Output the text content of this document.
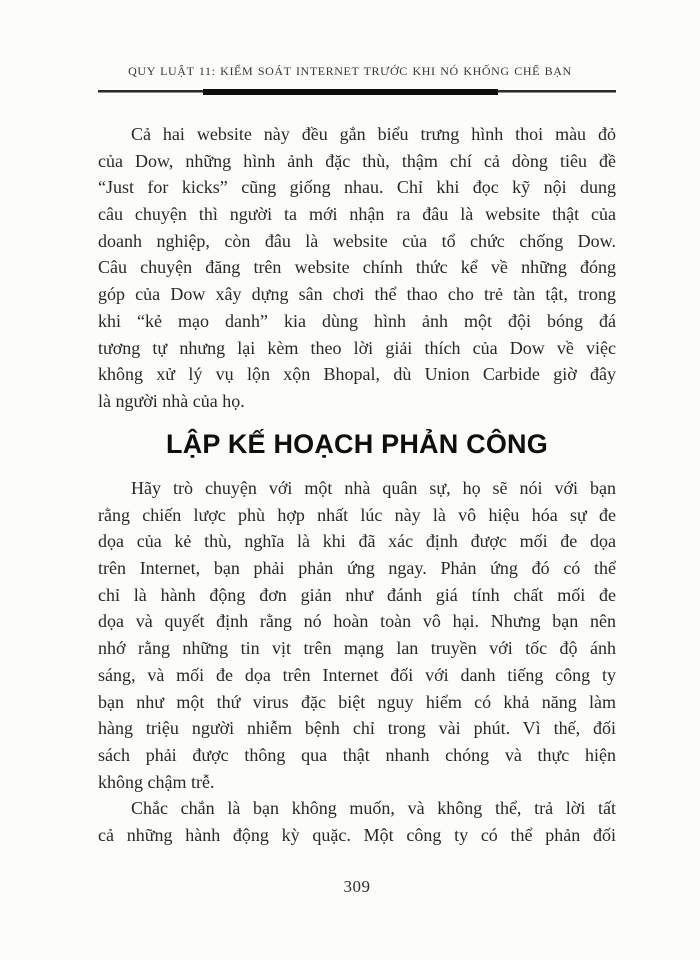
QUY LUẬT 11: KIỂM SOÁT INTERNET TRƯỚC KHI NÓ KHỐNG CHẾ BẠN
Cả hai website này đều gắn biểu trưng hình thoi màu đỏ
của Dow, những hình ảnh đặc thù, thậm chí cả dòng tiêu đề
“Just for kicks” cũng giống nhau. Chỉ khi đọc kỹ nội dung
câu chuyện thì người ta mới nhận ra đâu là website thật của
doanh nghiệp, còn đâu là website của tổ chức chống Dow.
Câu chuyện đăng trên website chính thức kể về những đóng
góp của Dow xây dựng sân chơi thể thao cho trẻ tàn tật, trong
khi “kẻ mạo danh” kia dùng hình ảnh một đội bóng đá
tương tự nhưng lại kèm theo lời giải thích của Dow về việc
không xử lý vụ lộn xộn Bhopal, dù Union Carbide giờ đây
là người nhà của họ.
LẬP KẾ HOẠCH PHẢN CÔNG
Hãy trò chuyện với một nhà quân sự, họ sẽ nói với bạn
rằng chiến lược phù hợp nhất lúc này là vô hiệu hóa sự đe
dọa của kẻ thù, nghĩa là khi đã xác định được mối đe dọa
trên Internet, bạn phải phản ứng ngay. Phản ứng đó có thể
chỉ là hành động đơn giản như đánh giá tính chất mối đe
dọa và quyết định rằng nó hoàn toàn vô hại. Nhưng bạn nên
nhớ rằng những tin vịt trên mạng lan truyền với tốc độ ánh
sáng, và mối đe dọa trên Internet đối với danh tiếng công ty
bạn như một thứ virus đặc biệt nguy hiểm có khả năng làm
hàng triệu người nhiễm bệnh chỉ trong vài phút. Vì thế, đối
sách phải được thông qua thật nhanh chóng và thực hiện
không chậm trễ.
Chắc chắn là bạn không muốn, và không thể, trả lời tất
cả những hành động kỳ quặc. Một công ty có thể phản đối
309
